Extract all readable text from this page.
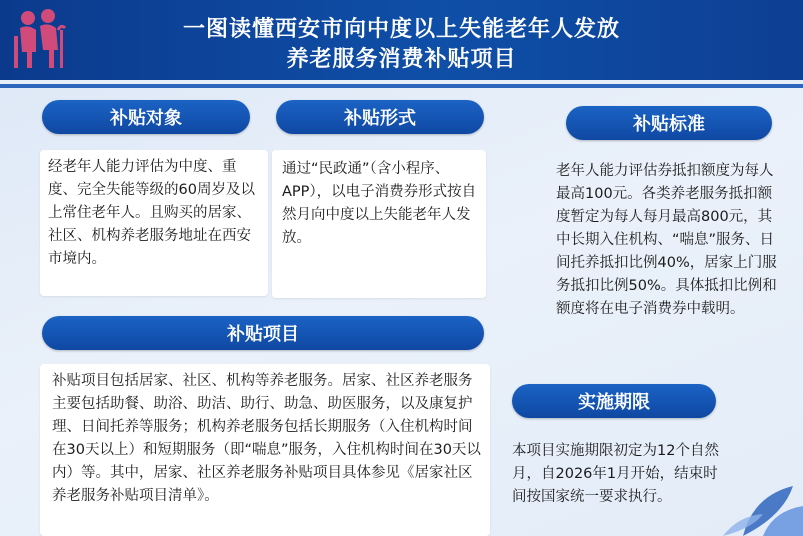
一图读懂西安市向中度以上失能老年人发放
养老服务消费补贴项目
补贴对象

经老年人能力评估为中度、重度、完全失能等级的60周岁及以上常住老年人。且购买的居家、社区、机构养老服务地址在西安市境内。

补贴形式

通过“民政通”（含小程序、APP），以电子消费券形式按自然月向中度以上失能老年人发放。

补贴标准

老年人能力评估券抵扣额度为每人最高100元。各类养老服务抵扣额度暂定为每人每月最高800元，其中长期入住机构、“喘息”服务、日间托养抵扣比例40%，居家上门服务抵扣比例50%。具体抵扣比例和额度将在电子消费券中载明。

补贴项目

补贴项目包括居家、社区、机构等养老服务。居家、社区养老服务主要包括助餐、助浴、助洁、助行、助急、助医服务，以及康复护理、日间托养等服务；机构养老服务包括长期服务（入住机构时间在30天以上）和短期服务（即“喘息”服务，入住机构时间在30天以内）等。其中，居家、社区养老服务补贴项目具体参见《居家社区养老服务补贴项目清单》。

实施期限

本项目实施期限初定为12个自然月，自2026年1月开始，结束时间按国家统一要求执行。
